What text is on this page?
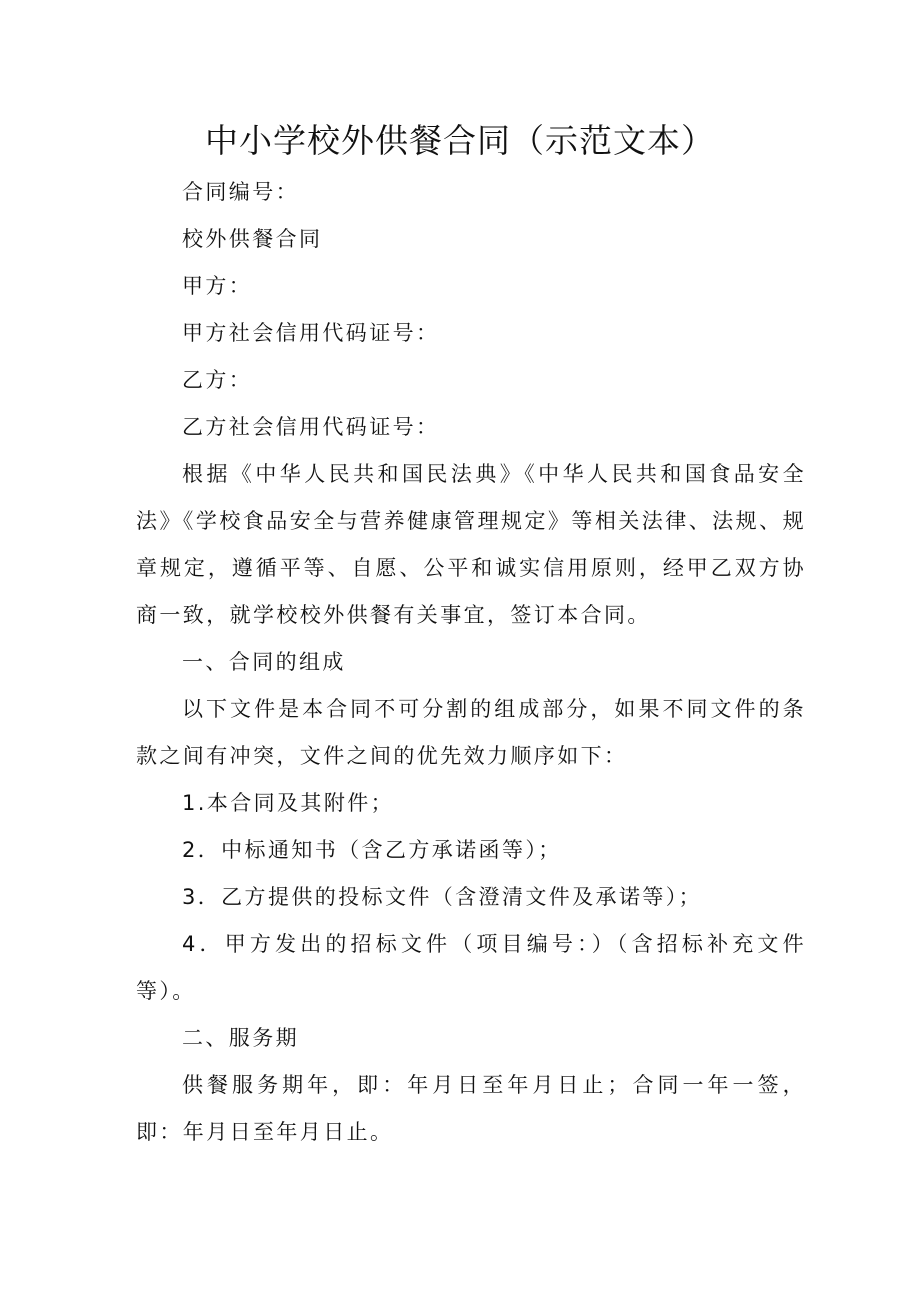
中小学校外供餐合同（示范文本）

合同编号：

校外供餐合同

甲方：

甲方社会信用代码证号：

乙方：

乙方社会信用代码证号：

根据《中华人民共和国民法典》《中华人民共和国食品安全法》《学校食品安全与营养健康管理规定》等相关法律、法规、规章规定，遵循平等、自愿、公平和诚实信用原则，经甲乙双方协商一致，就学校校外供餐有关事宜，签订本合同。

一、合同的组成

以下文件是本合同不可分割的组成部分，如果不同文件的条款之间有冲突，文件之间的优先效力顺序如下：

1.本合同及其附件；

2．中标通知书（含乙方承诺函等）；

3．乙方提供的投标文件（含澄清文件及承诺等）；

4．甲方发出的招标文件（项目编号：）（含招标补充文件等）。

二、服务期

供餐服务期年，即：年月日至年月日止；合同一年一签，即：年月日至年月日止。
